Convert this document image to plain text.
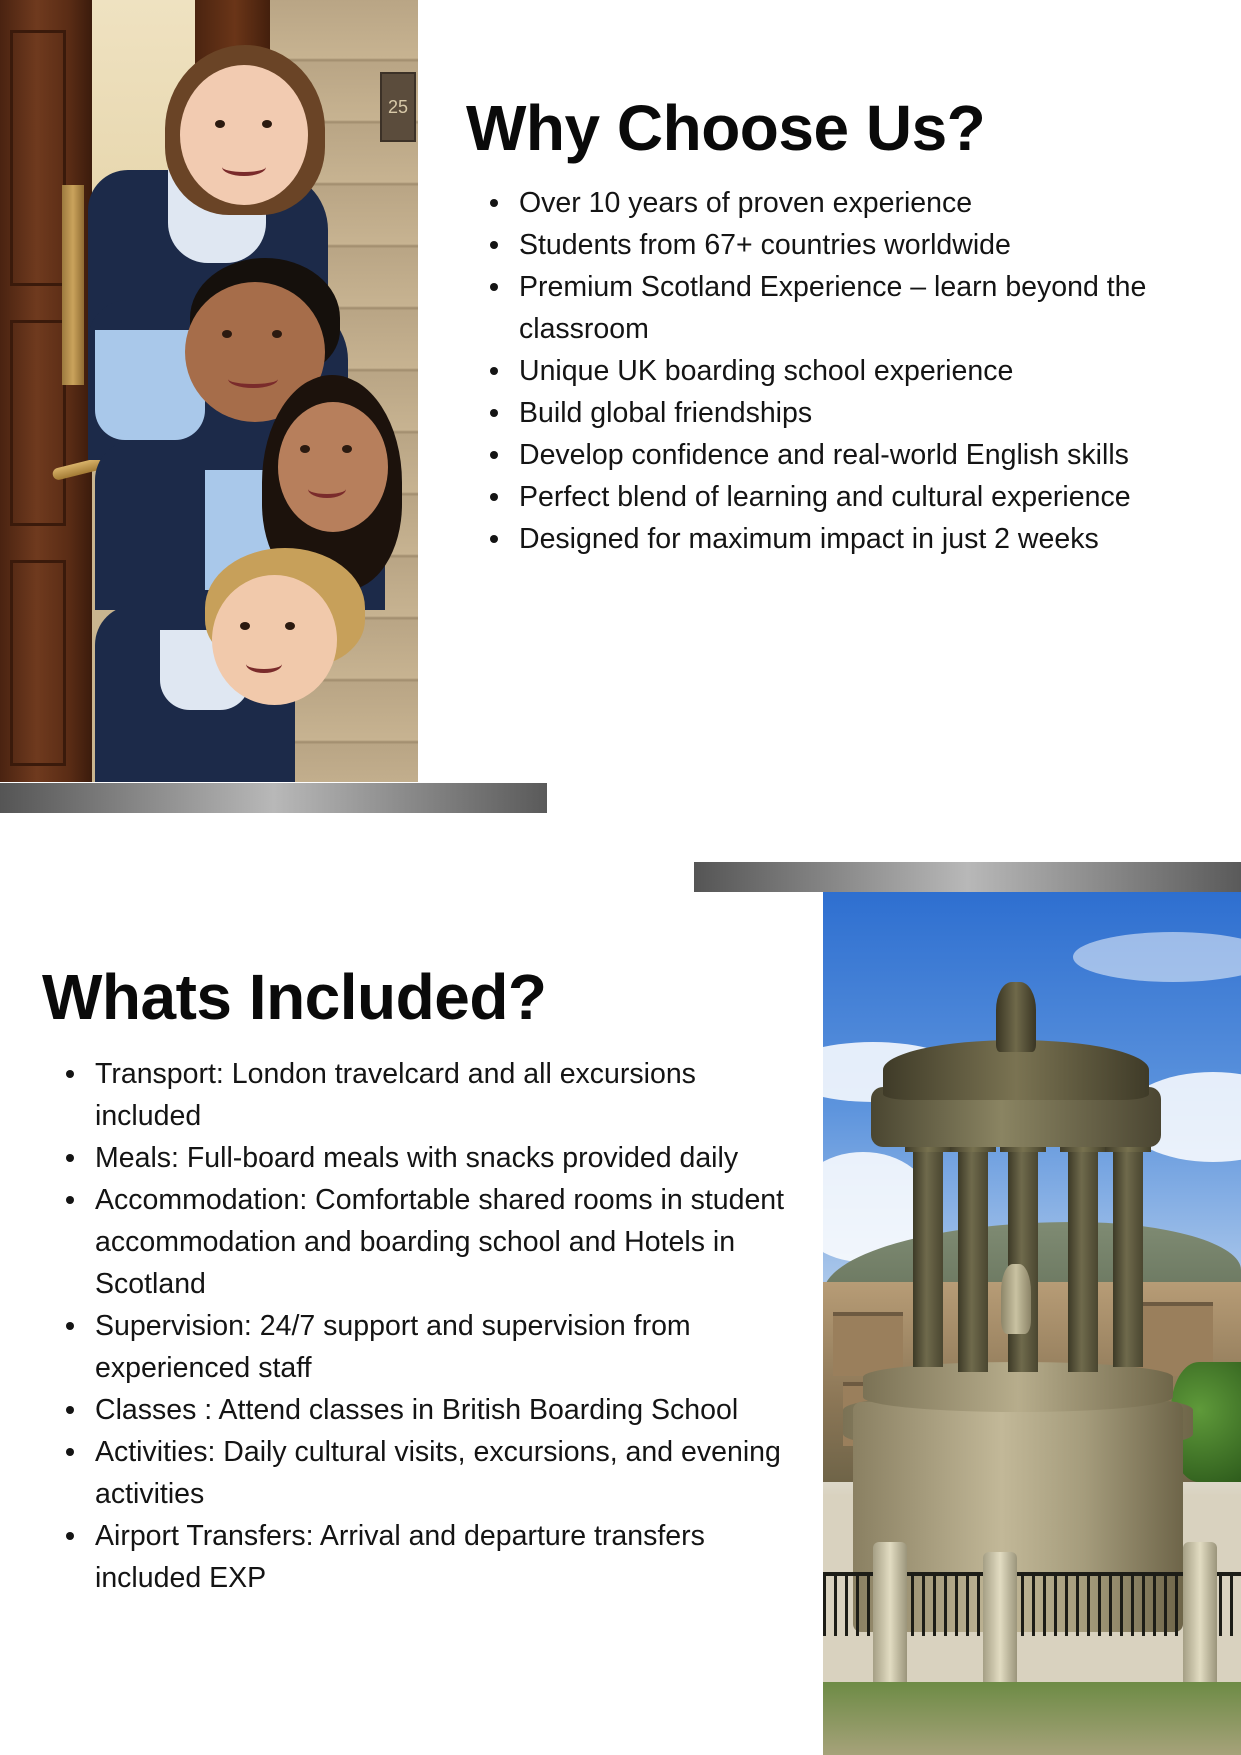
25 Why Choose Us?
Over 10 years of proven experience
Students from 67+ countries worldwide
Premium Scotland Experience – learn beyond the classroom
Unique UK boarding school experience
Build global friendships
Develop confidence and real-world English skills
Perfect blend of learning and cultural experience
Designed for maximum impact in just 2 weeks
Whats Included?
Transport: London travelcard and all excursions included
Meals: Full-board meals with snacks provided daily
Accommodation: Comfortable shared rooms in student accommodation and boarding school and Hotels in Scotland
Supervision: 24/7 support and supervision from experienced staff
Classes : Attend classes in British Boarding School
Activities: Daily cultural visits, excursions, and evening activities
Airport Transfers: Arrival and departure transfers included EXP
